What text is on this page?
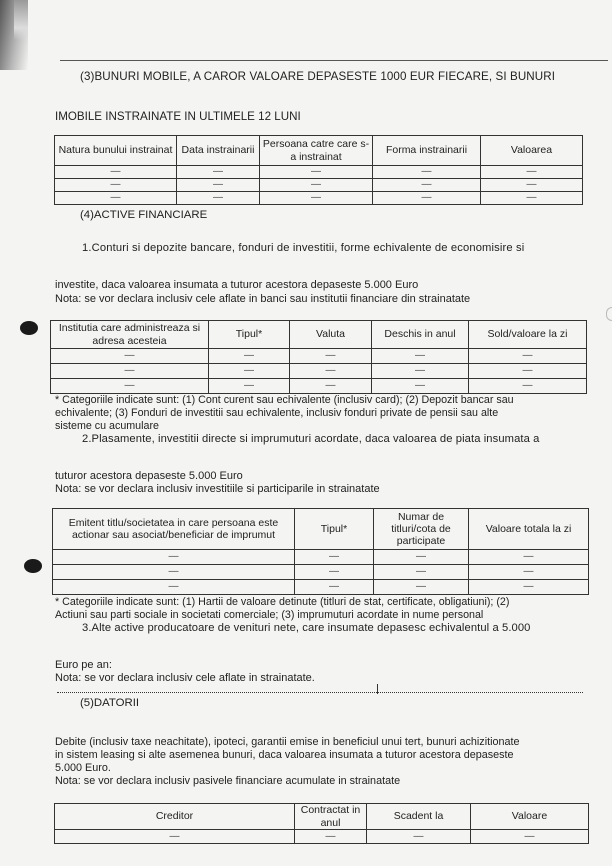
(3)BUNURI MOBILE, A CAROR VALOARE DEPASESTE 1000 EUR FIECARE, SI BUNURI
IMOBILE INSTRAINATE IN ULTIMELE 12 LUNI
Natura bunului instrainat	Data instrainarii	Persoana catre care s-a instrainat	Forma instrainarii	Valoarea
—	—	—	—	—
—	—	—	—	—
—	—	—	—	—
(4)ACTIVE FINANCIARE
1.Conturi si depozite bancare, fonduri de investitii, forme echivalente de economisire si
investite, daca valoarea insumata a tuturor acestora depaseste 5.000 Euro
Nota: se vor declara inclusiv cele aflate in banci sau institutii financiare din strainatate
Institutia care administreaza si adresa acesteia	Tipul*	Valuta	Deschis in anul	Sold/valoare la zi
—	—	—	—	—
—	—	—	—	—
—	—	—	—	—
* Categoriile indicate sunt: (1) Cont curent sau echivalente (inclusiv card); (2) Depozit bancar sau
echivalente; (3) Fonduri de investitii sau echivalente, inclusiv fonduri private de pensii sau alte
sisteme cu acumulare
2.Plasamente, investitii directe si imprumuturi acordate, daca valoarea de piata insumata a
tuturor acestora depaseste 5.000 Euro
Nota: se vor declara inclusiv investitiile si participarile in strainatate
Emitent titlu/societatea in care persoana este actionar sau asociat/beneficiar de imprumut	Tipul*	Numar de titluri/cota de participate	Valoare totala la zi
—	—	—	—
—	—	—	—
—	—	—	—
* Categoriile indicate sunt: (1) Hartii de valoare detinute (titluri de stat, certificate, obligatiuni); (2)
Actiuni sau parti sociale in societati comerciale; (3) imprumuturi acordate in nume personal
3.Alte active producatoare de venituri nete, care insumate depasesc echivalentul a 5.000
Euro pe an:
Nota: se vor declara inclusiv cele aflate in strainatate.
(5)DATORII
Debite (inclusiv taxe neachitate), ipoteci, garantii emise in beneficiul unui tert, bunuri achizitionate
in sistem leasing si alte asemenea bunuri, daca valoarea insumata a tuturor acestora depaseste
5.000 Euro.
Nota: se vor declara inclusiv pasivele financiare acumulate in strainatate
Creditor	Contractat in anul	Scadent la	Valoare
—	—	—	—
